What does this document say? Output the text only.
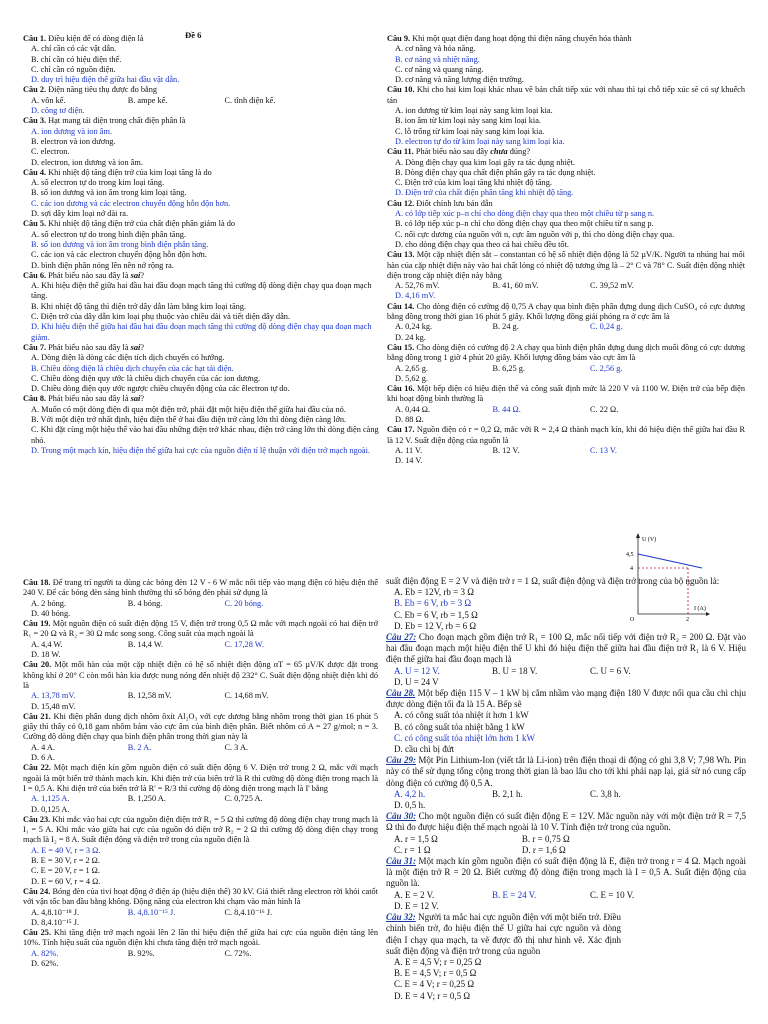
Đề 6
Câu 1. Điều kiện để có dòng điện là
A. chỉ cần có các vật dẫn.
B. chỉ cần có hiệu điện thế.
C. chỉ cần có nguồn điện.
D. duy trì hiệu điện thế giữa hai đầu vật dẫn.
Câu 2. Điện năng tiêu thụ được đo bằng
A. vôn kế.	B. ampe kế.	C. tĩnh điện kế.
D. công tơ điện.
Câu 3. Hạt mang tải điện trong chất điện phân là
A. ion dương và ion âm.
B. electron và ion dương.
C. electron.
D. electron, ion dương và ion âm.
Câu 4. Khi nhiệt độ tăng điện trở của kim loại tăng là do
A. số electron tự do trong kim loại tăng.
B. số ion dương và ion âm trong kim loại tăng.
C. các ion dương và các electron chuyển động hỗn độn hơn.
D. sợi dây kim loại nở dài ra.
Câu 5. Khi nhiệt độ tăng điện trở của chất điện phân giảm là do
A. số electron tự do trong bình điện phân tăng.
B. số ion dương và ion âm trong bình điện phân tăng.
C. các ion và các electron chuyển động hỗn độn hơn.
D. bình điện phân nóng lên nên nở rộng ra.
Câu 6. Phát biểu nào sau đây là sai?
A. Khi hiệu điện thế giữa hai đầu hai đầu đoạn mạch tăng thì cường độ dòng điện chạy qua đoạn mạch tăng.
B. Khi nhiệt độ tăng thì điện trở dây dẫn làm bằng kim loại tăng.
C. Điện trở của dây dẫn kim loại phụ thuộc vào chiều dài và tiết diện dây dẫn.
D. Khi hiệu điện thế giữa hai đầu hai đầu đoạn mạch tăng thì cường độ dòng điện chạy qua đoạn mạch giảm.
Câu 7. Phát biểu nào sau đây là sai?
A. Dòng điện là dòng các điện tích dịch chuyển có hướng.
B. Chiều dòng điện là chiều dịch chuyển của các hạt tải điện.
C. Chiều dòng điện quy ước là chiều dịch chuyển của các ion dương.
D. Chiều dòng điện quy ước ngược chiều chuyển động của các êlectron tự do.
Câu 8. Phát biểu nào sau đây là sai?
A. Muốn có một dòng điện đi qua một điện trở, phải đặt một hiệu điện thế giữa hai đầu của nó.
B. Với một điện trở nhất định, hiệu điện thế ở hai đầu điện trở càng lớn thì dòng điện càng lớn.
C. Khi đặt cùng một hiệu thế vào hai đầu những điện trở khác nhau, điện trở càng lớn thì dòng điện càng nhỏ.
D. Trong một mạch kín, hiệu điện thế giữa hai cực của nguồn điện tỉ lệ thuận với điện trở mạch ngoài.
Câu 9. Khi một quạt điện đang hoạt động thì điện năng chuyển hóa thành
A. cơ năng và hóa năng.
B. cơ năng và nhiệt năng.
C. cơ năng và quang năng.
D. cơ năng và năng lượng điện trường.
Câu 10. Khi cho hai kim loại khác nhau về bản chất tiếp xúc với nhau thì tại chỗ tiếp xúc sẽ có sự khuếch tán
A. ion dương từ kim loại này sang kim loại kia.
B. ion âm từ kim loại này sang kim loại kia.
C. lỗ trống từ kim loại này sang kim loại kia.
D. electron tự do từ kim loại này sang kim loại kia.
Câu 11. Phát biểu nào sau đây chưa đúng?
A. Dòng điện chạy qua kim loại gây ra tác dụng nhiệt.
B. Dòng điện chạy qua chất điện phân gây ra tác dụng nhiệt.
C. Điện trở của kim loại tăng khi nhiệt độ tăng.
D. Điện trở của chất điện phân tăng khi nhiệt độ tăng.
Câu 12. Điốt chỉnh lưu bán dẫn
A. có lớp tiếp xúc p–n chỉ cho dòng điện chạy qua theo một chiều từ p sang n.
B. có lớp tiếp xúc p–n chỉ cho dòng điện chạy qua theo một chiều từ n sang p.
C. nối cực dương của nguồn với n, cực âm nguồn với p, thì cho dòng điện chạy qua.
D. cho dòng điện chạy qua theo cả hai chiều đều tốt.
Câu 13. Một cặp nhiệt điện sắt – constantan có hệ số nhiệt điện động là 52 µV/K. Người ta nhúng hai mối hàn của cặp nhiệt điện này vào hai chất lỏng có nhiệt độ tương ứng là – 2° C và 78° C. Suất điện động nhiệt điện trong cặp nhiệt điện này bằng
A. 52,76 mV.	B. 41, 60 mV.	C. 39,52 mV.
D. 4,16 mV.
Câu 14. Cho dòng điện có cường độ 0,75 A chạy qua bình điện phân đựng dung dịch CuSO₄ có cực dương bằng đồng trong thời gian 16 phút 5 giây. Khối lượng đồng giải phóng ra ở cực âm là
A. 0,24 kg.	B. 24 g.	C. 0,24 g.
D. 24 kg.
Câu 15. Cho dòng điện có cường độ 2 A chạy qua bình điện phân đựng dung dịch muối đồng có cực dương bằng đồng trong 1 giờ 4 phút 20 giây. Khối lượng đồng bám vào cực âm là
A. 2,65 g.	B. 6,25 g.	C. 2,56 g.
D. 5,62 g.
Câu 16. Một bếp điện có hiệu điện thế và công suất định mức là 220 V và 1100 W. Điện trở của bếp điện khi hoạt động bình thường là
A. 0,44 Ω.	B. 44 Ω.	C. 22 Ω.
D. 88 Ω.
Câu 17. Nguồn điện có r = 0,2 Ω, mắc với R = 2,4 Ω thành mạch kín, khi đó hiệu điện thế giữa hai đầu R là 12 V. Suất điện động của nguồn là
A. 11 V.	B. 12 V.	C. 13 V.
D. 14 V.
Câu 18. Để trang trí người ta dùng các bóng đèn 12 V - 6 W mắc nối tiếp vào mạng điện có hiệu điện thế 240 V. Để các bóng đèn sáng bình thường thì số bóng đèn phải sử dụng là
A. 2 bóng.	B. 4 bóng.	C. 20 bóng.
D. 40 bóng.
Câu 19. Một nguồn điện có suất điện động 15 V, điện trở trong 0,5 Ω mắc với mạch ngoài có hai điện trở R₁ = 20 Ω và R₂ = 30 Ω mắc song song. Công suất của mạch ngoài là
A. 4,4 W.	B. 14,4 W.	C. 17,28 W.
D. 18 W.
Câu 20. Một mối hàn của một cặp nhiệt điện có hệ số nhiệt điện động αT = 65 µV/K được đặt trong không khí ở 20° C còn mối hàn kia được nung nóng đến nhiệt độ 232° C. Suất điện động nhiệt điện khi đó là
A. 13,78 mV.	B. 12,58 mV.	C. 14,68 mV.
D. 15,48 mV.
Câu 21. Khi điện phân dung dịch nhôm ôxit Al₂O₃ với cực dương bằng nhôm trong thời gian 16 phút 5 giây thì thấy có 0,18 gam nhôm bám vào cực âm của bình điện phân. Biết nhôm có A = 27 g/mol; n = 3. Cường độ dòng điện chạy qua bình điện phân trong thời gian này là
A. 4 A.	B. 2 A.	C. 3 A.
D. 6 A.
Câu 22. Một mạch điện kín gồm nguồn điện có suất điện động 6 V. Điện trở trong 2 Ω, mắc với mạch ngoài là một biến trở thành mạch kín. Khi điện trở của biến trở là R thì cường độ dòng điện trong mạch là I = 0,5 A. Khi điện trở của biến trở là R' = R/3 thì cường độ dòng điện trong mạch là I' bằng
A. 1,125 A.	B. 1,250 A.	C. 0,725 A.
D. 0,125 A.
Câu 23. Khi mắc vào hai cực của nguồn điện điện trở R₁ = 5 Ω thì cường độ dòng điện chạy trong mạch là I₁ = 5 A. Khi mắc vào giữa hai cực của nguồn đó điện trở R₂ = 2 Ω thì cường độ dòng điện chạy trong mạch là I₂ = 8 A. Suất điện động và điện trở trong của nguồn điện là
A. E = 40 V, r = 3 Ω.
B. E = 30 V, r = 2 Ω.
C. E = 20 V, r = 1 Ω.
D. E = 60 V, r = 4 Ω.
Câu 24. Bóng đèn của tivi hoạt động ở điện áp (hiệu điện thế) 30 kV. Giả thiết rằng electron rời khỏi catốt với vận tốc ban đầu bằng không. Động năng của electron khi chạm vào màn hình là
A. 4,8.10⁻¹⁸ J.	B. 4,8.10⁻¹⁵ J.	C. 8,4.10⁻¹⁶ J.
D. 8,4.10⁻¹⁵ J.
Câu 25. Khi tăng điện trở mạch ngoài lên 2 lần thì hiệu điện thế giữa hai cực của nguồn điện tăng lên 10%. Tính hiệu suất của nguồn điện khi chưa tăng điện trở mạch ngoài.
A. 82%.	B. 92%.	C. 72%.
D. 62%.
suất điện động E = 2 V và điện trở r = 1 Ω, suất điện động và điện trở trong của bộ nguồn là:
A. Eb = 12V, rb = 3 Ω
B. Eb = 6 V, rb = 3 Ω
C. Eb = 6 V, rb = 1,5 Ω
D. Eb = 12 V, rb = 6 Ω
Câu 27: Cho đoạn mạch gồm điện trở R₁ = 100 Ω, mắc nối tiếp với điện trở R₂ = 200 Ω. Đặt vào hai đầu đoạn mạch một hiệu điện thế U khi đó hiệu điện thế giữa hai đầu điện trở R₁ là 6 V. Hiệu điện thế giữa hai đầu đoạn mạch là
A. U = 12 V.	B. U = 18 V.	C. U = 6 V.
D. U = 24 V
Câu 28. Một bếp điện 115 V – 1 kW bị cắm nhầm vào mạng điện 180 V được nối qua cầu chì chịu được dòng điện tối đa là 15 A. Bếp sẽ
A. có công suất tỏa nhiệt ít hơn 1 kW
B. có công suất tỏa nhiệt bằng 1 kW
C. có công suất tỏa nhiệt lớn hơn 1 kW
D. cầu chì bị đứt
Câu 29: Một Pin Lithium-Ion (viết tắt là Li-ion) trên điện thoại di động có ghi 3,8 V; 7,98 Wh. Pin này có thể sử dụng tổng cộng trong thời gian là bao lâu cho tới khi phải nạp lại, giả sử nó cung cấp dòng điện có cường độ 0,5 A.
A. 4,2 h.	B. 2,1 h.	C. 3,8 h.
D. 0,5 h.
Câu 30: Cho một nguồn điện có suất điện động E = 12V. Mắc nguồn này với một điện trở R = 7,5 Ω thì đo được hiệu điện thế mạch ngoài là 10 V. Tính điện trở trong của nguồn.
A. r = 1,5 Ω	B. r = 0,75 Ω
C. r = 1 Ω	D. r = 1,6 Ω
Câu 31: Một mạch kín gồm nguồn điện có suất điện động là E, điện trở trong r = 4 Ω. Mạch ngoài là một điện trở R = 20 Ω. Biết cường độ dòng điện trong mạch là I = 0,5 A. Suất điện động của nguồn là.
A. E = 2 V.	B. E = 24 V.	C. E = 10 V.
D. E = 12 V.
Câu 32: Người ta mắc hai cực nguồn điện với một biến trở. Điều chỉnh biến trở, đo hiệu điện thế U giữa hai cực nguồn và dòng điện I chạy qua mạch, ta vẽ được đồ thị như hình vẽ. Xác định suất điện động và điện trở trong của nguồn
A. E = 4,5 V; r = 0,25 Ω
B. E = 4,5 V; r = 0,5 Ω
C. E = 4 V; r = 0,25 Ω
D. E = 4 V; r = 0,5 Ω
U (V)
4,5
4
O	2
I (A)
